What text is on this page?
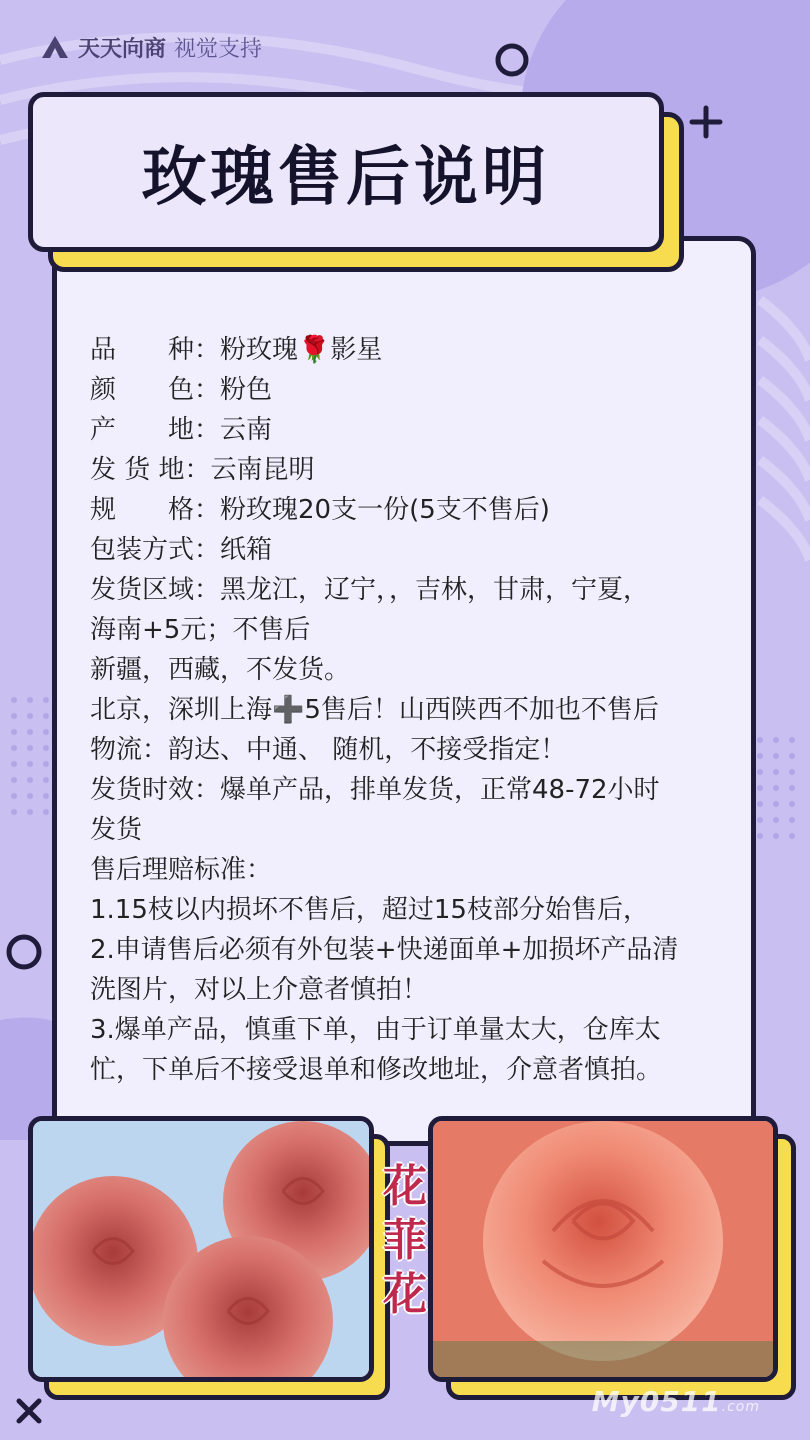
天天向商 视觉支持
玫瑰售后说明
品　　种：粉玫瑰🌹影星
颜　　色：粉色
产　　地：云南
发 货 地：云南昆明
规　　格：粉玫瑰20支一份(5支不售后)
包装方式：纸箱
发货区域：黑龙江，辽宁，，吉林，甘肃，宁夏，
海南+5元；不售后
新疆，西藏，不发货。
北京，深圳上海➕5售后！山西陕西不加也不售后
物流：韵达、中通、 随机，不接受指定！
发货时效：爆单产品，排单发货，正常48-72小时
发货
售后理赔标准：
1.15枝以内损坏不售后，超过15枝部分始售后，
2.申请售后必须有外包装+快递面单+加损坏产品清
洗图片，对以上介意者慎拍！
3.爆单产品，慎重下单，由于订单量太大，仓库太
忙，下单后不接受退单和修改地址，介意者慎拍。
花菲花
My0511.com
